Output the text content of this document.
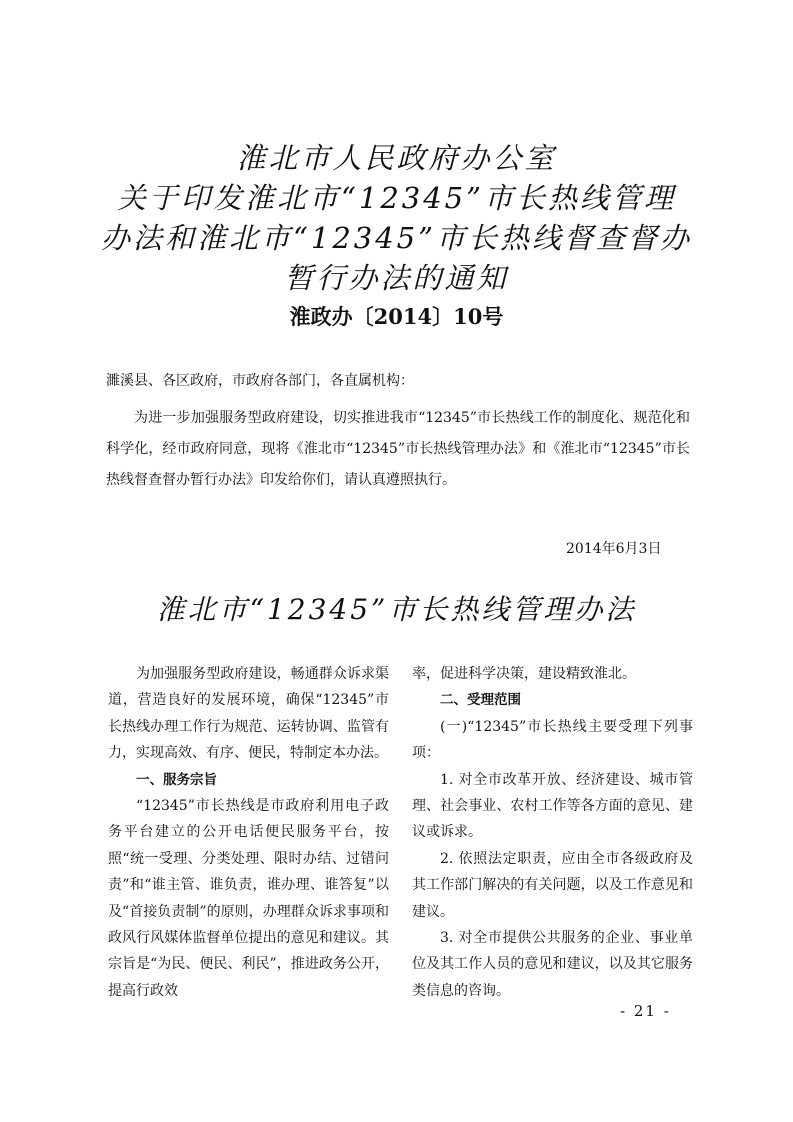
淮北市人民政府办公室
关于印发淮北市“12345”市长热线管理
办法和淮北市“12345”市长热线督查督办
暂行办法的通知
淮政办〔2014〕10号
濉溪县、各区政府，市政府各部门，各直属机构：
为进一步加强服务型政府建设，切实推进我市“12345”市长热线工作的制度化、规范化和科学化，经市政府同意，现将《淮北市“12345”市长热线管理办法》和《淮北市“12345”市长热线督查督办暂行办法》印发给你们，请认真遵照执行。
2014年6月3日
淮北市“12345”市长热线管理办法

为加强服务型政府建设，畅通群众诉求渠道，营造良好的发展环境，确保“12345”市长热线办理工作行为规范、运转协调、监管有力，实现高效、有序、便民，特制定本办法。

一、服务宗旨

“12345”市长热线是市政府利用电子政务平台建立的公开电话便民服务平台，按照“统一受理、分类处理、限时办结、过错问责”和“谁主管、谁负责，谁办理、谁答复”以及“首接负责制”的原则，办理群众诉求事项和政风行风媒体监督单位提出的意见和建议。其宗旨是“为民、便民、利民”，推进政务公开，提高行政效

率，促进科学决策，建设精致淮北。

二、受理范围

(一)“12345”市长热线主要受理下列事项：

1. 对全市改革开放、经济建设、城市管理、社会事业、农村工作等各方面的意见、建议或诉求。

2. 依照法定职责，应由全市各级政府及其工作部门解决的有关问题，以及工作意见和建议。

3. 对全市提供公共服务的企业、事业单位及其工作人员的意见和建议，以及其它服务类信息的咨询。

- 21 -
